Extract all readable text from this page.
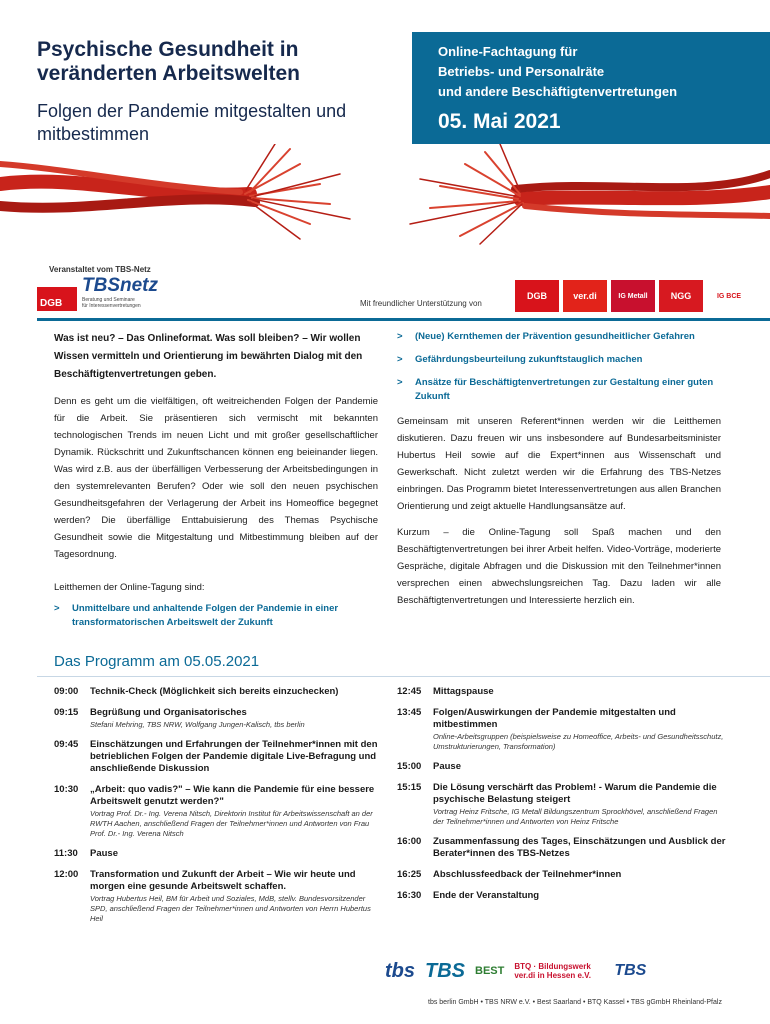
Psychische Gesundheit in veränderten Arbeitswelten
Folgen der Pandemie mitgestalten und mitbestimmen
Online-Fachtagung für
Betriebs- und Personalräte
und andere Beschäftigtenvertretungen
05. Mai 2021
Veranstaltet vom TBS-Netz
DGB
TBSnetz
Beratung und Seminare
für Interessenvertretungen	Mit freundlicher Unterstützung von
DGB	ver.di	IG Metall	NGG	IG BCE
Was ist neu? – Das Onlineformat. Was soll bleiben? – Wir wollen Wissen vermitteln und Orientierung im bewährten Dialog mit den Beschäftigtenvertretungen geben.
Denn es geht um die vielfältigen, oft weitreichenden Folgen der Pandemie für die Arbeit. Sie präsentieren sich vermischt mit bekannten technologischen Trends im neuen Licht und mit großer gesellschaftlicher Dynamik. Rückschritt und Zukunftschancen können eng beieinander liegen. Was wird z.B. aus der überfälligen Verbesserung der Arbeitsbedingungen in den systemrelevanten Berufen? Oder wie soll den neuen psychischen Gesundheitsgefahren der Verlagerung der Arbeit ins Homeoffice begegnet werden? Die überfällige Enttabuisierung des Themas Psychische Gesundheit sowie die Mitgestaltung und Mitbestimmung bleiben auf der Tagesordnung.
Leitthemen der Online-Tagung sind:
>	Unmittelbare und anhaltende Folgen der Pandemie in einer transformatorischen Arbeitswelt der Zukunft
>	(Neue) Kernthemen der Prävention gesundheitlicher Gefahren
>	Gefährdungsbeurteilung zukunftstauglich machen
>	Ansätze für Beschäftigtenvertretungen zur Gestaltung einer guten Zukunft
Gemeinsam mit unseren Referent*innen werden wir die Leitthemen diskutieren. Dazu freuen wir uns insbesondere auf Bundesarbeitsminister Hubertus Heil sowie auf die Expert*innen aus Wissenschaft und Gewerkschaft. Nicht zuletzt werden wir die Erfahrung des TBS-Netzes einbringen. Das Programm bietet Interessenvertretungen aus allen Branchen Orientierung und zeigt aktuelle Handlungsansätze auf.
Kurzum – die Online-Tagung soll Spaß machen und den Beschäftigtenvertretungen bei ihrer Arbeit helfen. Video-Vorträge, moderierte Gespräche, digitale Abfragen und die Diskussion mit den Teilnehmer*innen versprechen einen abwechslungsreichen Tag. Dazu laden wir alle Beschäftigtenvertretungen und Interessierte herzlich ein.
Das Programm am 05.05.2021
09:00	Technik-Check (Möglichkeit sich bereits einzuchecken)
09:15	Begrüßung und Organisatorisches
Stefani Mehring, TBS NRW, Wolfgang Jungen-Kalisch, tbs berlin
09:45	Einschätzungen und Erfahrungen der Teilnehmer*innen mit den betrieblichen Folgen der Pandemie digitale Live-Befragung und anschließende Diskussion
10:30	„Arbeit: quo vadis?" – Wie kann die Pandemie für eine bessere Arbeitswelt genutzt werden?"
Vortrag Prof. Dr.- Ing. Verena Nitsch, Direktorin Institut für Arbeitswissenschaft an der RWTH Aachen, anschließend Fragen der Teilnehmer*innen und Antworten von Frau Prof. Dr.- Ing. Verena Nitsch
11:30	Pause
12:00	Transformation und Zukunft der Arbeit – Wie wir heute und morgen eine gesunde Arbeitswelt schaffen.
Vortrag Hubertus Heil, BM für Arbeit und Soziales, MdB, stellv. Bundesvorsitzender SPD, anschließend Fragen der Teilnehmer*innen und Antworten von Herrn Hubertus Heil
12:45	Mittagspause
13:45	Folgen/Auswirkungen der Pandemie mitgestalten und mitbestimmen
Online-Arbeitsgruppen (beispielsweise zu Homeoffice, Arbeits- und Gesundheitsschutz, Umstrukturierungen, Transformation)
15:00	Pause
15:15	Die Lösung verschärft das Problem! - Warum die Pandemie die psychische Belastung steigert
Vortrag Heinz Fritsche, IG Metall Bildungszentrum Sprockhövel, anschließend Fragen der Teilnehmer*innen und Antworten von Heinz Fritsche
16:00	Zusammenfassung des Tages, Einschätzungen und Ausblick der Berater*innen des TBS-Netzes
16:25	Abschlussfeedback der Teilnehmer*innen
16:30	Ende der Veranstaltung
tbs TBS BEST BTQ · Bildungswerk ver.di in Hessen e.V.	TBS
tbs berlin GmbH • TBS NRW e.V. • Best Saarland • BTQ Kassel • TBS gGmbH Rheinland-Pfalz
